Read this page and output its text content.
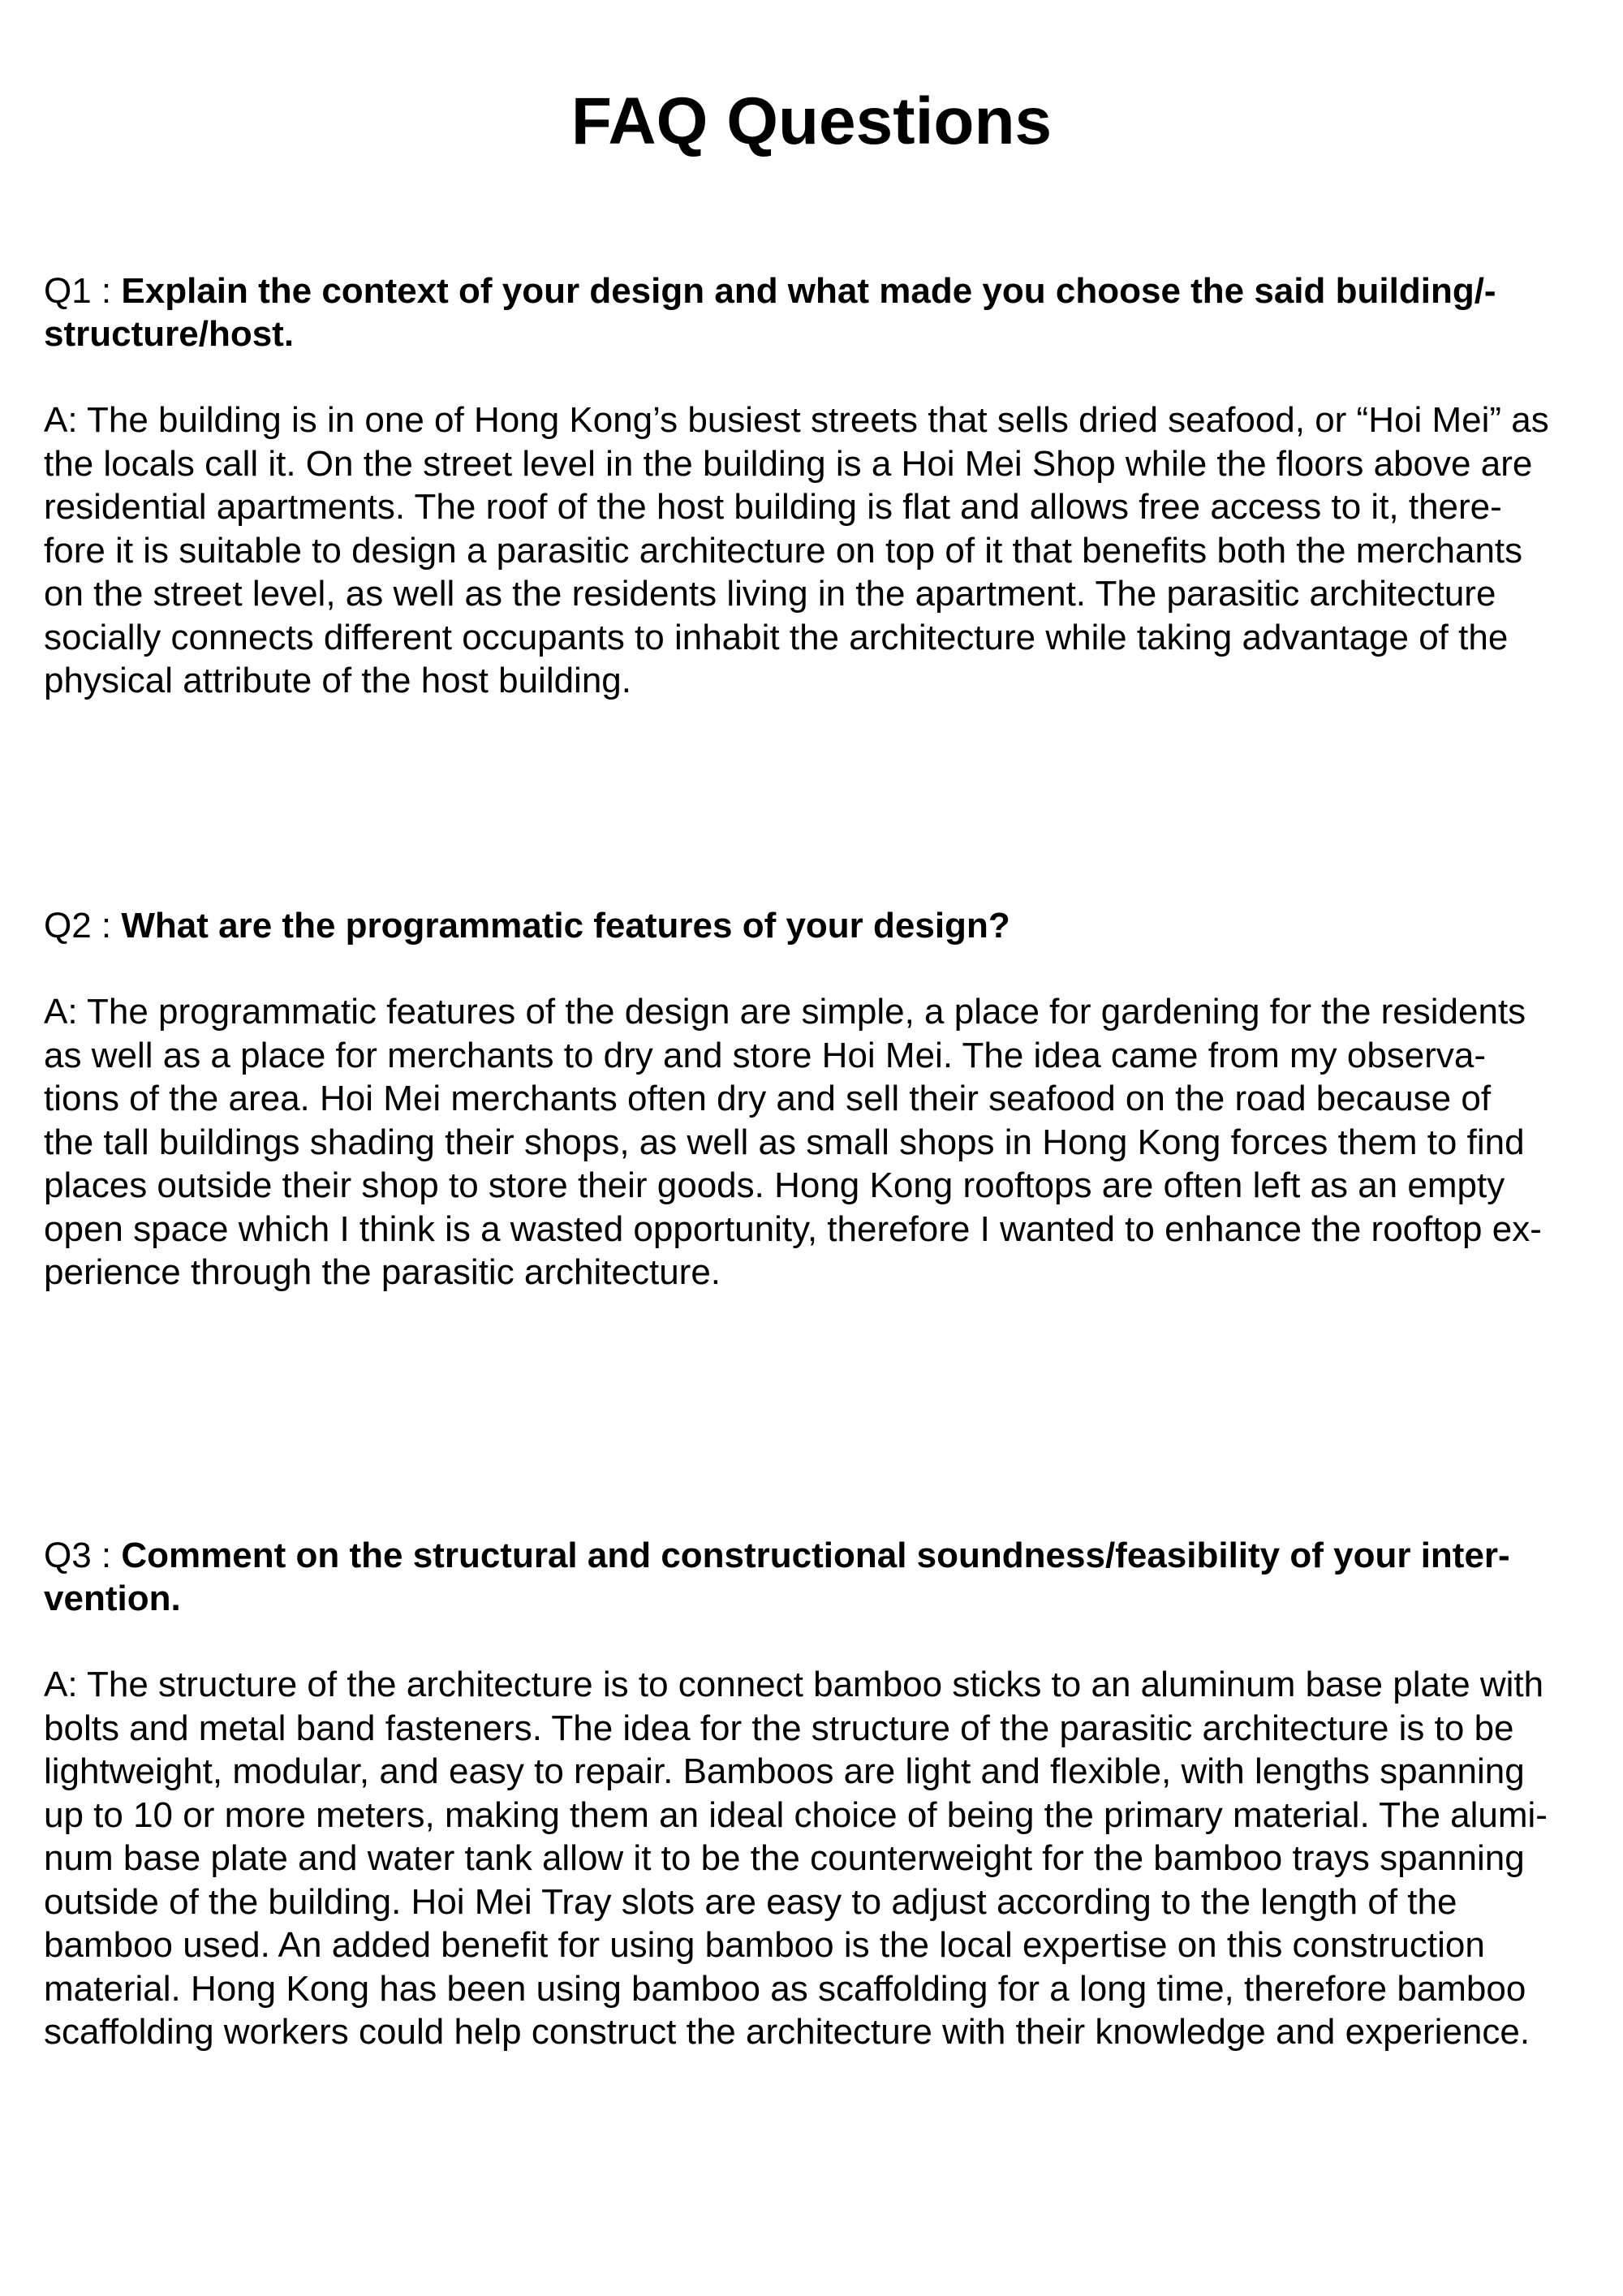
FAQ Questions

Q1 : Explain the context of your design and what made you choose the said building/-
structure/host.

A: The building is in one of Hong Kong’s busiest streets that sells dried seafood, or “Hoi Mei” as
the locals call it. On the street level in the building is a Hoi Mei Shop while the floors above are
residential apartments. The roof of the host building is flat and allows free access to it, there-
fore it is suitable to design a parasitic architecture on top of it that benefits both the merchants
on the street level, as well as the residents living in the apartment. The parasitic architecture
socially connects different occupants to inhabit the architecture while taking advantage of the
physical attribute of the host building.

Q2 : What are the programmatic features of your design?

A: The programmatic features of the design are simple, a place for gardening for the residents
as well as a place for merchants to dry and store Hoi Mei. The idea came from my observa-
tions of the area. Hoi Mei merchants often dry and sell their seafood on the road because of
the tall buildings shading their shops, as well as small shops in Hong Kong forces them to find
places outside their shop to store their goods. Hong Kong rooftops are often left as an empty
open space which I think is a wasted opportunity, therefore I wanted to enhance the rooftop ex-
perience through the parasitic architecture.

Q3 : Comment on the structural and constructional soundness/feasibility of your inter-
vention.

A: The structure of the architecture is to connect bamboo sticks to an aluminum base plate with
bolts and metal band fasteners. The idea for the structure of the parasitic architecture is to be
lightweight, modular, and easy to repair. Bamboos are light and flexible, with lengths spanning
up to 10 or more meters, making them an ideal choice of being the primary material. The alumi-
num base plate and water tank allow it to be the counterweight for the bamboo trays spanning
outside of the building. Hoi Mei Tray slots are easy to adjust according to the length of the
bamboo used. An added benefit for using bamboo is the local expertise on this construction
material. Hong Kong has been using bamboo as scaffolding for a long time, therefore bamboo
scaffolding workers could help construct the architecture with their knowledge and experience.
